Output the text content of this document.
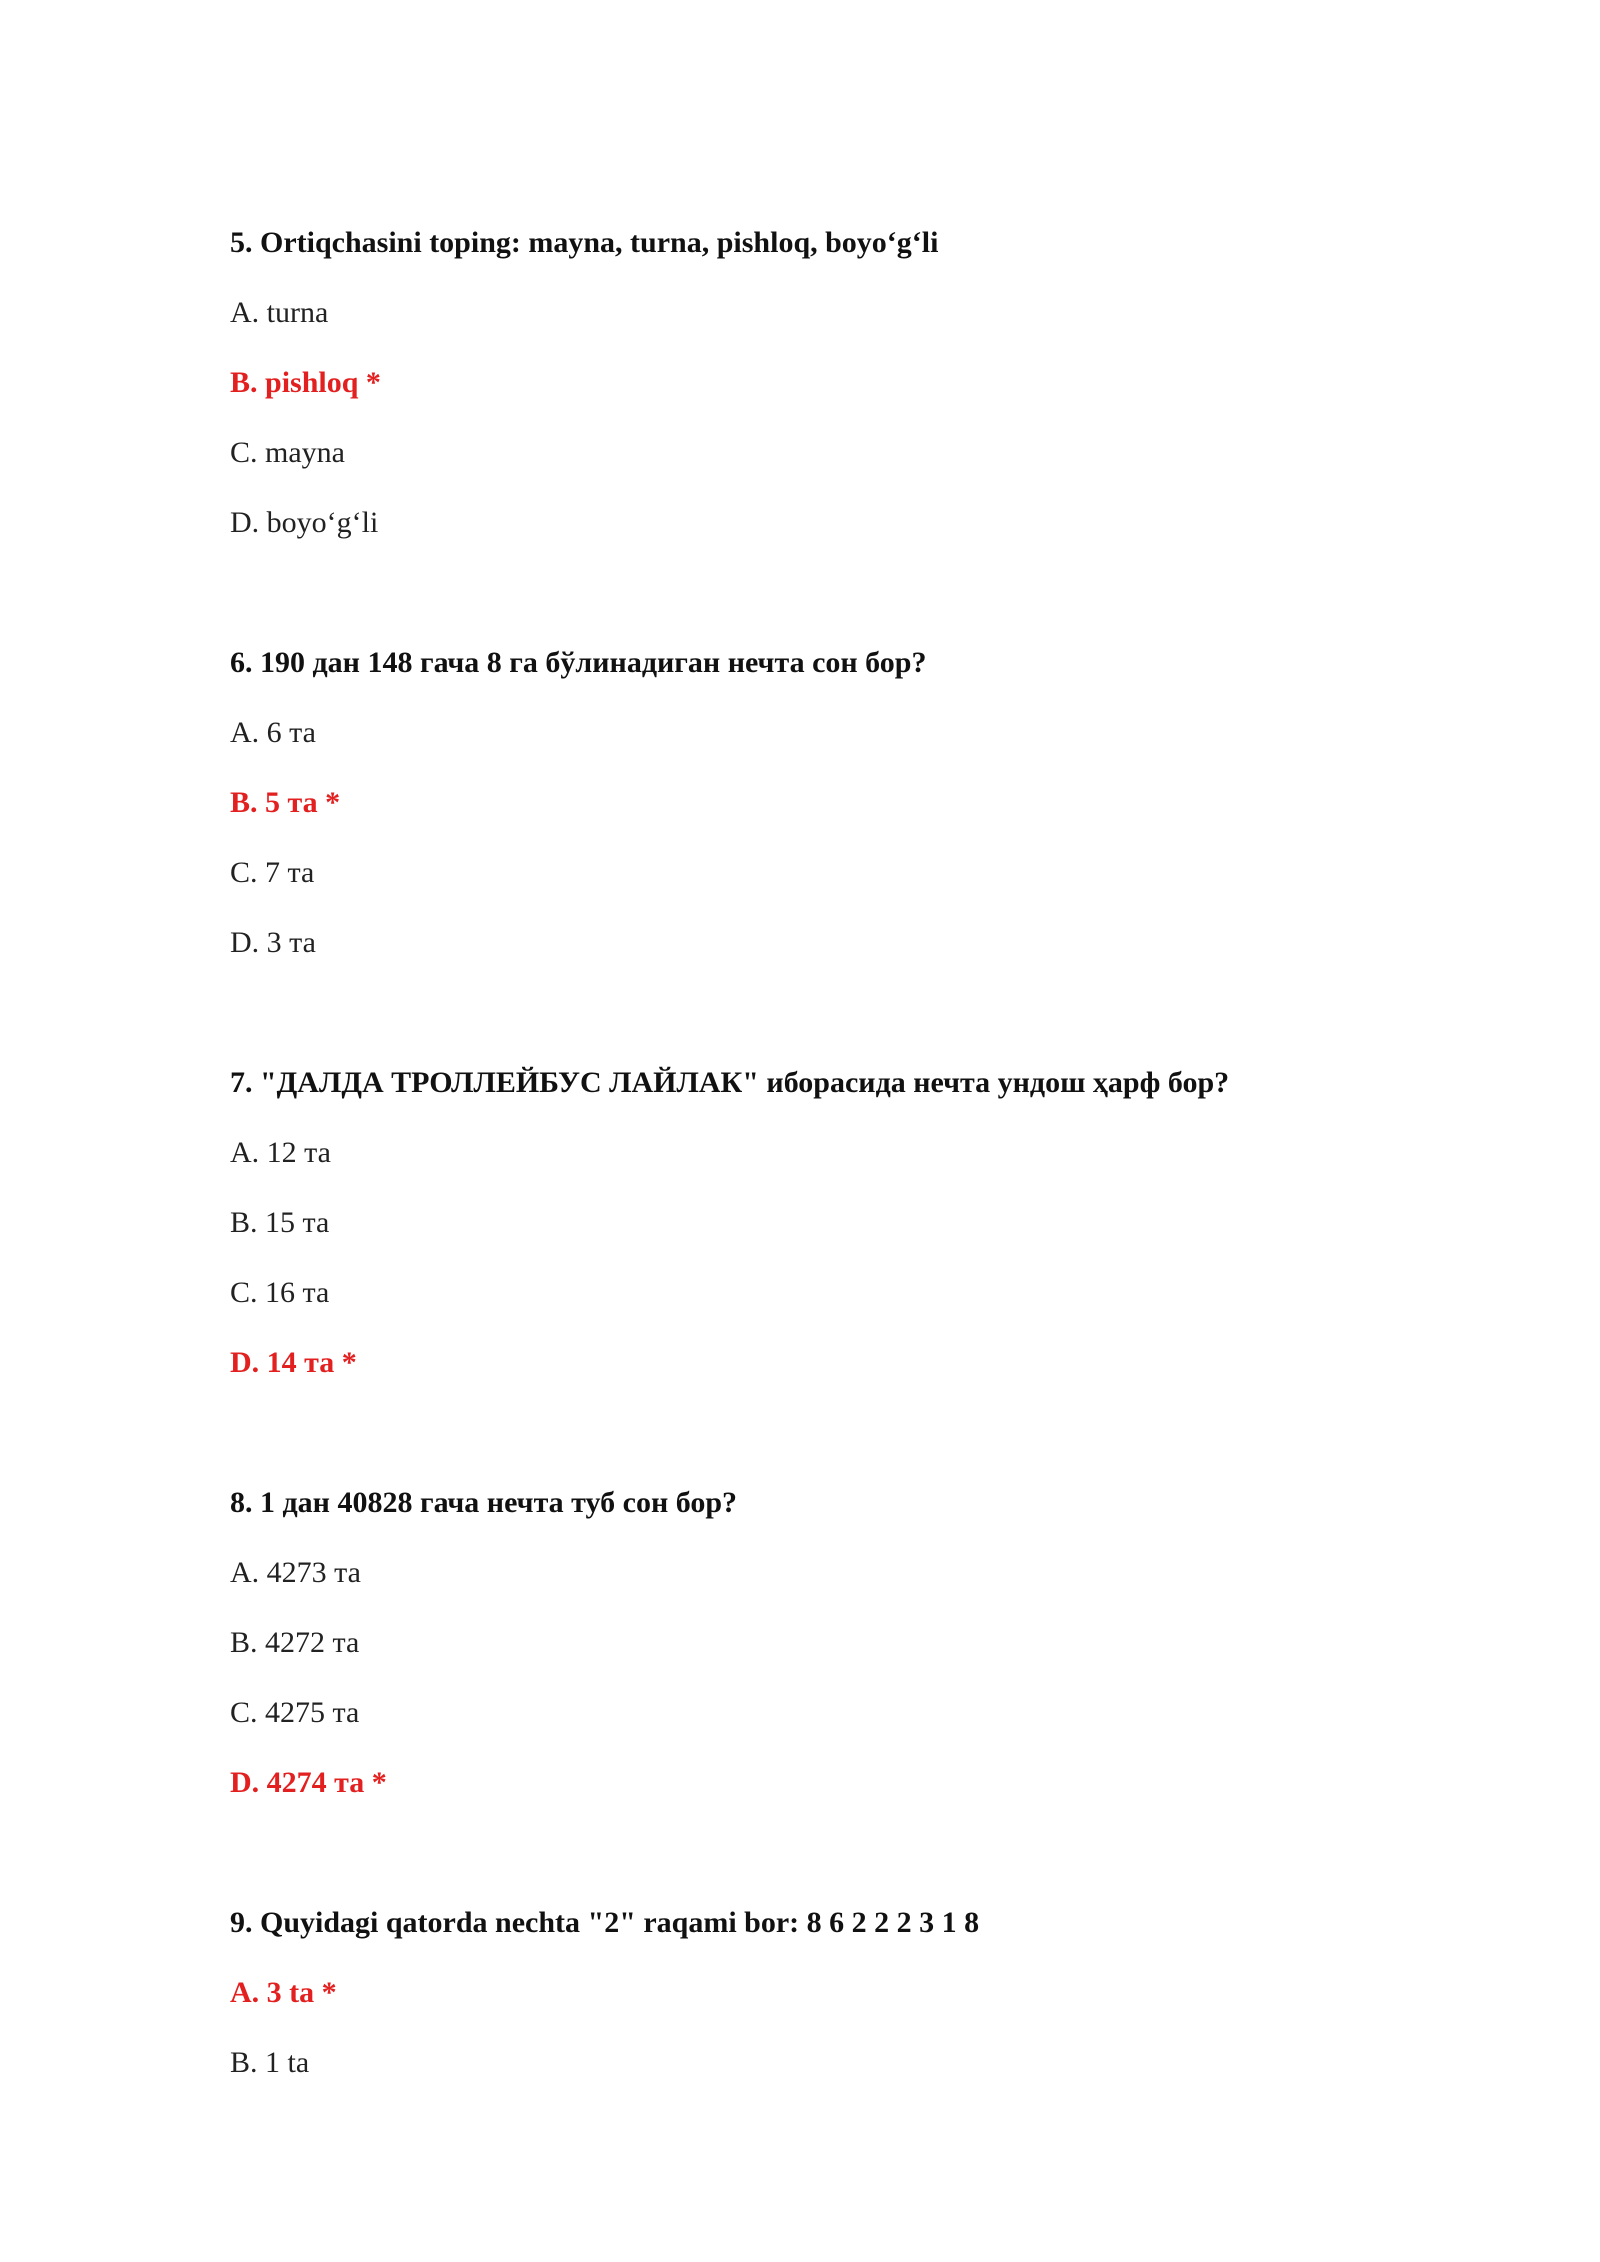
5. Ortiqchasini toping: mayna, turna, pishloq, boyo‘g‘li
A. turna
B. pishloq *
C. mayna
D. boyo‘g‘li
6. 190 дан 148 гача 8 га бўлинадиган нечта сон бор?
A. 6 та
B. 5 та *
C. 7 та
D. 3 та
7. "ДАЛДА ТРОЛЛЕЙБУС ЛАЙЛАК" иборасида нечта ундош ҳарф бор?
A. 12 та
B. 15 та
C. 16 та
D. 14 та *
8. 1 дан 40828 гача нечта туб сон бор?
A. 4273 та
B. 4272 та
C. 4275 та
D. 4274 та *
9. Quyidagi qatorda nechta "2" raqami bor: 8 6 2 2 2 3 1 8
A. 3 ta *
B. 1 ta
